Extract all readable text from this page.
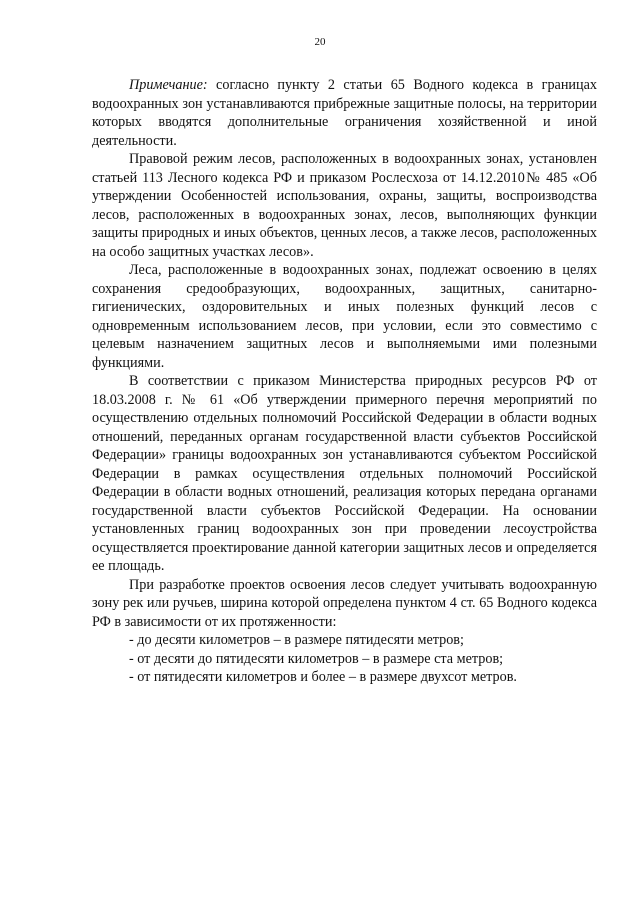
20

Примечание: согласно пункту 2 статьи 65 Водного кодекса в границах водоохранных зон устанавливаются прибрежные защитные полосы, на территории которых вводятся дополнительные ограничения хозяйственной и иной деятельности.

Правовой режим лесов, расположенных в водоохранных зонах, установлен статьей 113 Лесного кодекса РФ и приказом Рослесхоза от 14.12.2010№ 485 «Об утверждении Особенностей использования, охраны, защиты, воспроизводства лесов, расположенных в водоохранных зонах, лесов, выполняющих функции защиты природных и иных объектов, ценных лесов, а также лесов, расположенных на особо защитных участках лесов».

Леса, расположенные в водоохранных зонах, подлежат освоению в целях сохранения средообразующих, водоохранных, защитных, санитарно-гигиенических, оздоровительных и иных полезных функций лесов с одновременным использованием лесов, при условии, если это совместимо с целевым назначением защитных лесов и выполняемыми ими полезными функциями.

В соответствии с приказом Министерства природных ресурсов РФ от 18.03.2008 г. № 61 «Об утверждении примерного перечня мероприятий по осуществлению отдельных полномочий Российской Федерации в области водных отношений, переданных органам государственной власти субъектов Российской Федерации» границы водоохранных зон устанавливаются субъектом Российской Федерации в рамках осуществления отдельных полномочий Российской Федерации в области водных отношений, реализация которых передана органами государственной власти субъектов Российской Федерации. На основании установленных границ водоохранных зон при проведении лесоустройства осуществляется проектирование данной категории защитных лесов и определяется ее площадь.

При разработке проектов освоения лесов следует учитывать водоохранную зону рек или ручьев, ширина которой определена пунктом 4 ст. 65 Водного кодекса РФ в зависимости от их протяженности:

- до десяти километров – в размере пятидесяти метров;
- от десяти до пятидесяти километров – в размере ста метров;
- от пятидесяти километров и более – в размере двухсот метров.
